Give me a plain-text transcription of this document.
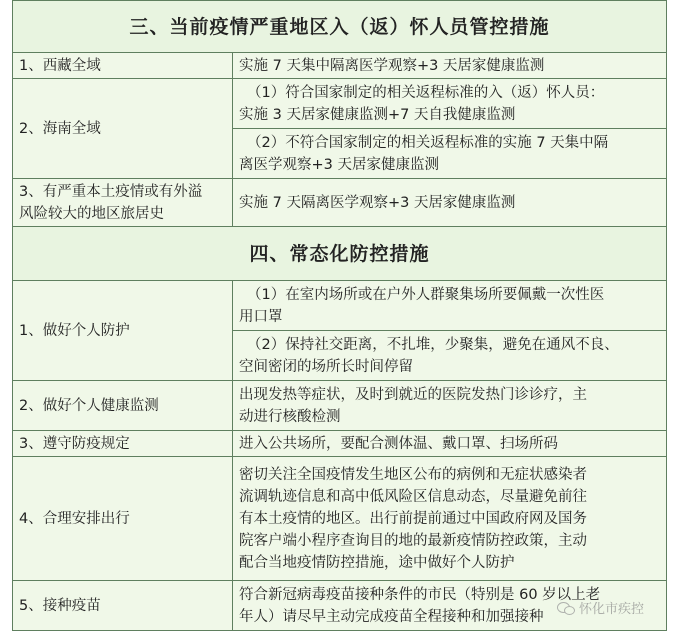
三、当前疫情严重地区入（返）怀人员管控措施	
1、西藏全域	实施 7 天集中隔离医学观察+3 天居家健康监测
2、海南全域	（1）符合国家制定的相关返程标准的入（返）怀人员：
实施 3 天居家健康监测+7 天自我健康监测

	（2）不符合国家制定的相关返程标准的实施 7 天集中隔
离医学观察+3 天居家健康监测

3、有严重本土疫情或有外溢
风险较大的地区旅居史	实施 7 天隔离医学观察+3 天居家健康监测
四、常态化防控措施	
1、做好个人防护	（1）在室内场所或在户外人群聚集场所要佩戴一次性医
用口罩

	（2）保持社交距离，不扎堆，少聚集，避免在通风不良、
空间密闭的场所长时间停留

2、做好个人健康监测	出现发热等症状，及时到就近的医院发热门诊诊疗，主
动进行核酸检测

3、遵守防疫规定	进入公共场所，要配合测体温、戴口罩、扫场所码
4、合理安排出行	密切关注全国疫情发生地区公布的病例和无症状感染者
流调轨迹信息和高中低风险区信息动态，尽量避免前往
有本土疫情的地区。出行前提前通过中国政府网及国务
院客户端小程序查询目的地的最新疫情防控政策，主动
配合当地疫情防控措施，途中做好个人防护

5、接种疫苗	符合新冠病毒疫苗接种条件的市民（特别是 60 岁以上老
年人）请尽早主动完成疫苗全程接种和加强接种	怀化市疾控
